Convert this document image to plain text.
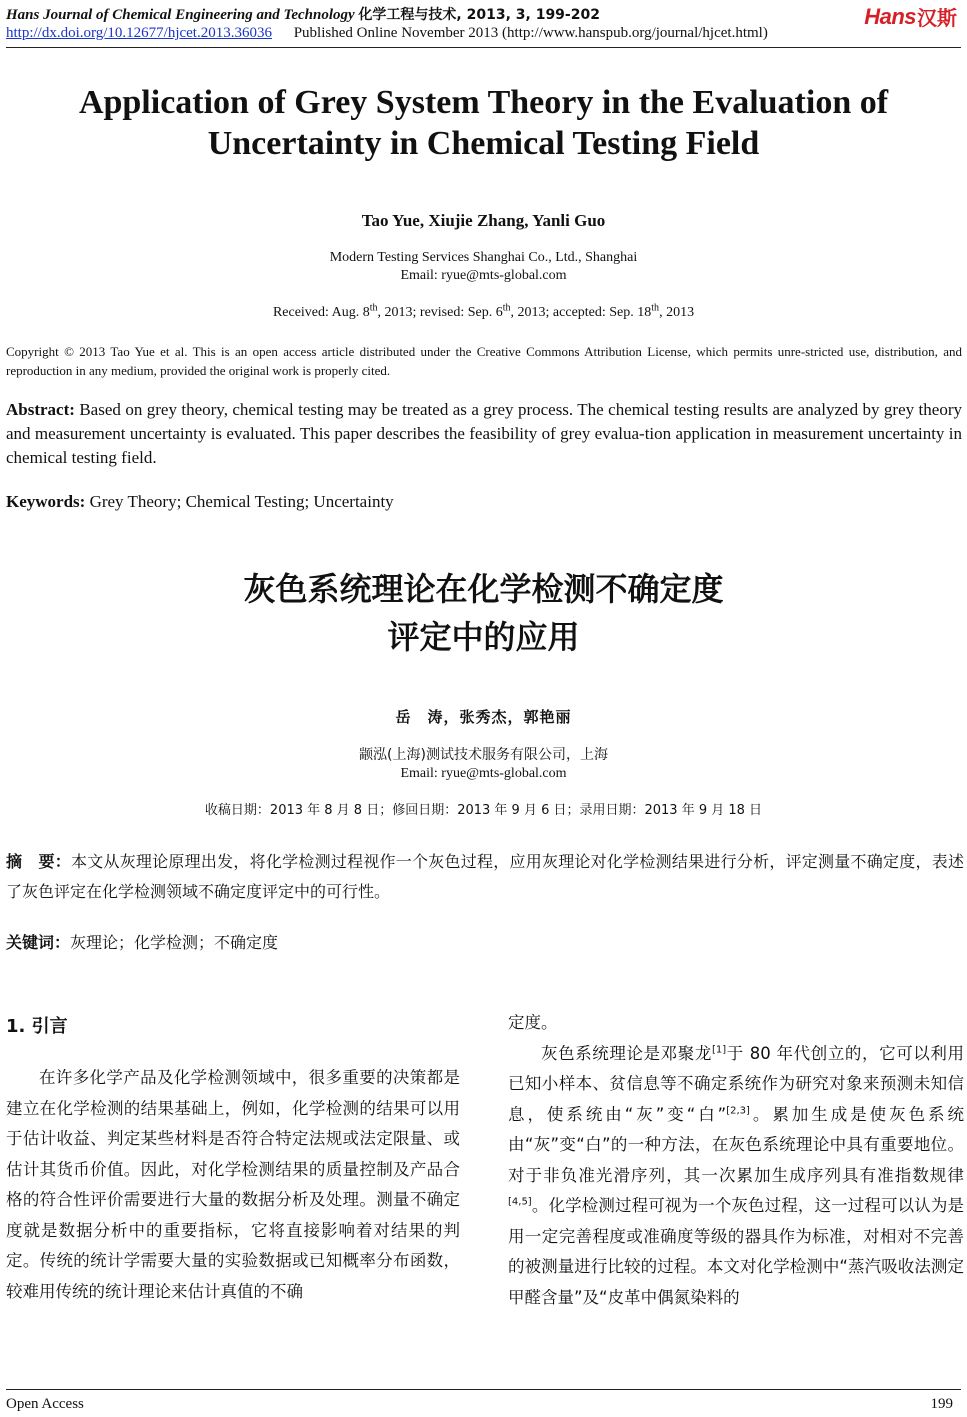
Hans Journal of Chemical Engineering and Technology 化学工程与技术, 2013, 3, 199-202	Hans 汉斯
http://dx.doi.org/10.12677/hjcet.2013.36036 Published Online November 2013 (http://www.hanspub.org/journal/hjcet.html)
Application of Grey System Theory in the Evaluation of
Uncertainty in Chemical Testing Field
Tao Yue, Xiujie Zhang, Yanli Guo
Modern Testing Services Shanghai Co., Ltd., Shanghai
Email: ryue@mts-global.com
Received: Aug. 8th, 2013; revised: Sep. 6th, 2013; accepted: Sep. 18th, 2013
Copyright © 2013 Tao Yue et al. This is an open access article distributed under the Creative Commons Attribution License, which permits unre-stricted use, distribution, and reproduction in any medium, provided the original work is properly cited.
Abstract: Based on grey theory, chemical testing may be treated as a grey process. The chemical testing results are analyzed by grey theory and measurement uncertainty is evaluated. This paper describes the feasibility of grey evalua-tion application in measurement uncertainty in chemical testing field.
Keywords: Grey Theory; Chemical Testing; Uncertainty
灰色系统理论在化学检测不确定度
评定中的应用
岳　涛，张秀杰，郭艳丽
颛泓(上海)测试技术服务有限公司，上海
Email: ryue@mts-global.com
收稿日期：2013 年 8 月 8 日；修回日期：2013 年 9 月 6 日；录用日期：2013 年 9 月 18 日
摘　要：本文从灰理论原理出发，将化学检测过程视作一个灰色过程，应用灰理论对化学检测结果进行分析，评定测量不确定度，表述了灰色评定在化学检测领域不确定度评定中的可行性。
关键词：灰理论；化学检测；不确定度
1. 引言

在许多化学产品及化学检测领域中，很多重要的决策都是建立在化学检测的结果基础上，例如，化学检测的结果可以用于估计收益、判定某些材料是否符合特定法规或法定限量、或估计其货币价值。因此，对化学检测结果的质量控制及产品合格的符合性评价需要进行大量的数据分析及处理。测量不确定度就是数据分析中的重要指标，它将直接影响着对结果的判定。传统的统计学需要大量的实验数据或已知概率分布函数，较难用传统的统计理论来估计真值的不确

定度。

灰色系统理论是邓聚龙[1]于 80 年代创立的，它可以利用已知小样本、贫信息等不确定系统作为研究对象来预测未知信息，使系统由“灰”变“白”[2,3]。累加生成是使灰色系统由“灰”变“白”的一种方法，在灰色系统理论中具有重要地位。对于非负准光滑序列，其一次累加生成序列具有准指数规律[4,5]。化学检测过程可视为一个灰色过程，这一过程可以认为是用一定完善程度或准确度等级的器具作为标准，对相对不完善的被测量进行比较的过程。本文对化学检测中“蒸汽吸收法测定甲醛含量”及“皮革中偶氮染料的

Open Access	199
